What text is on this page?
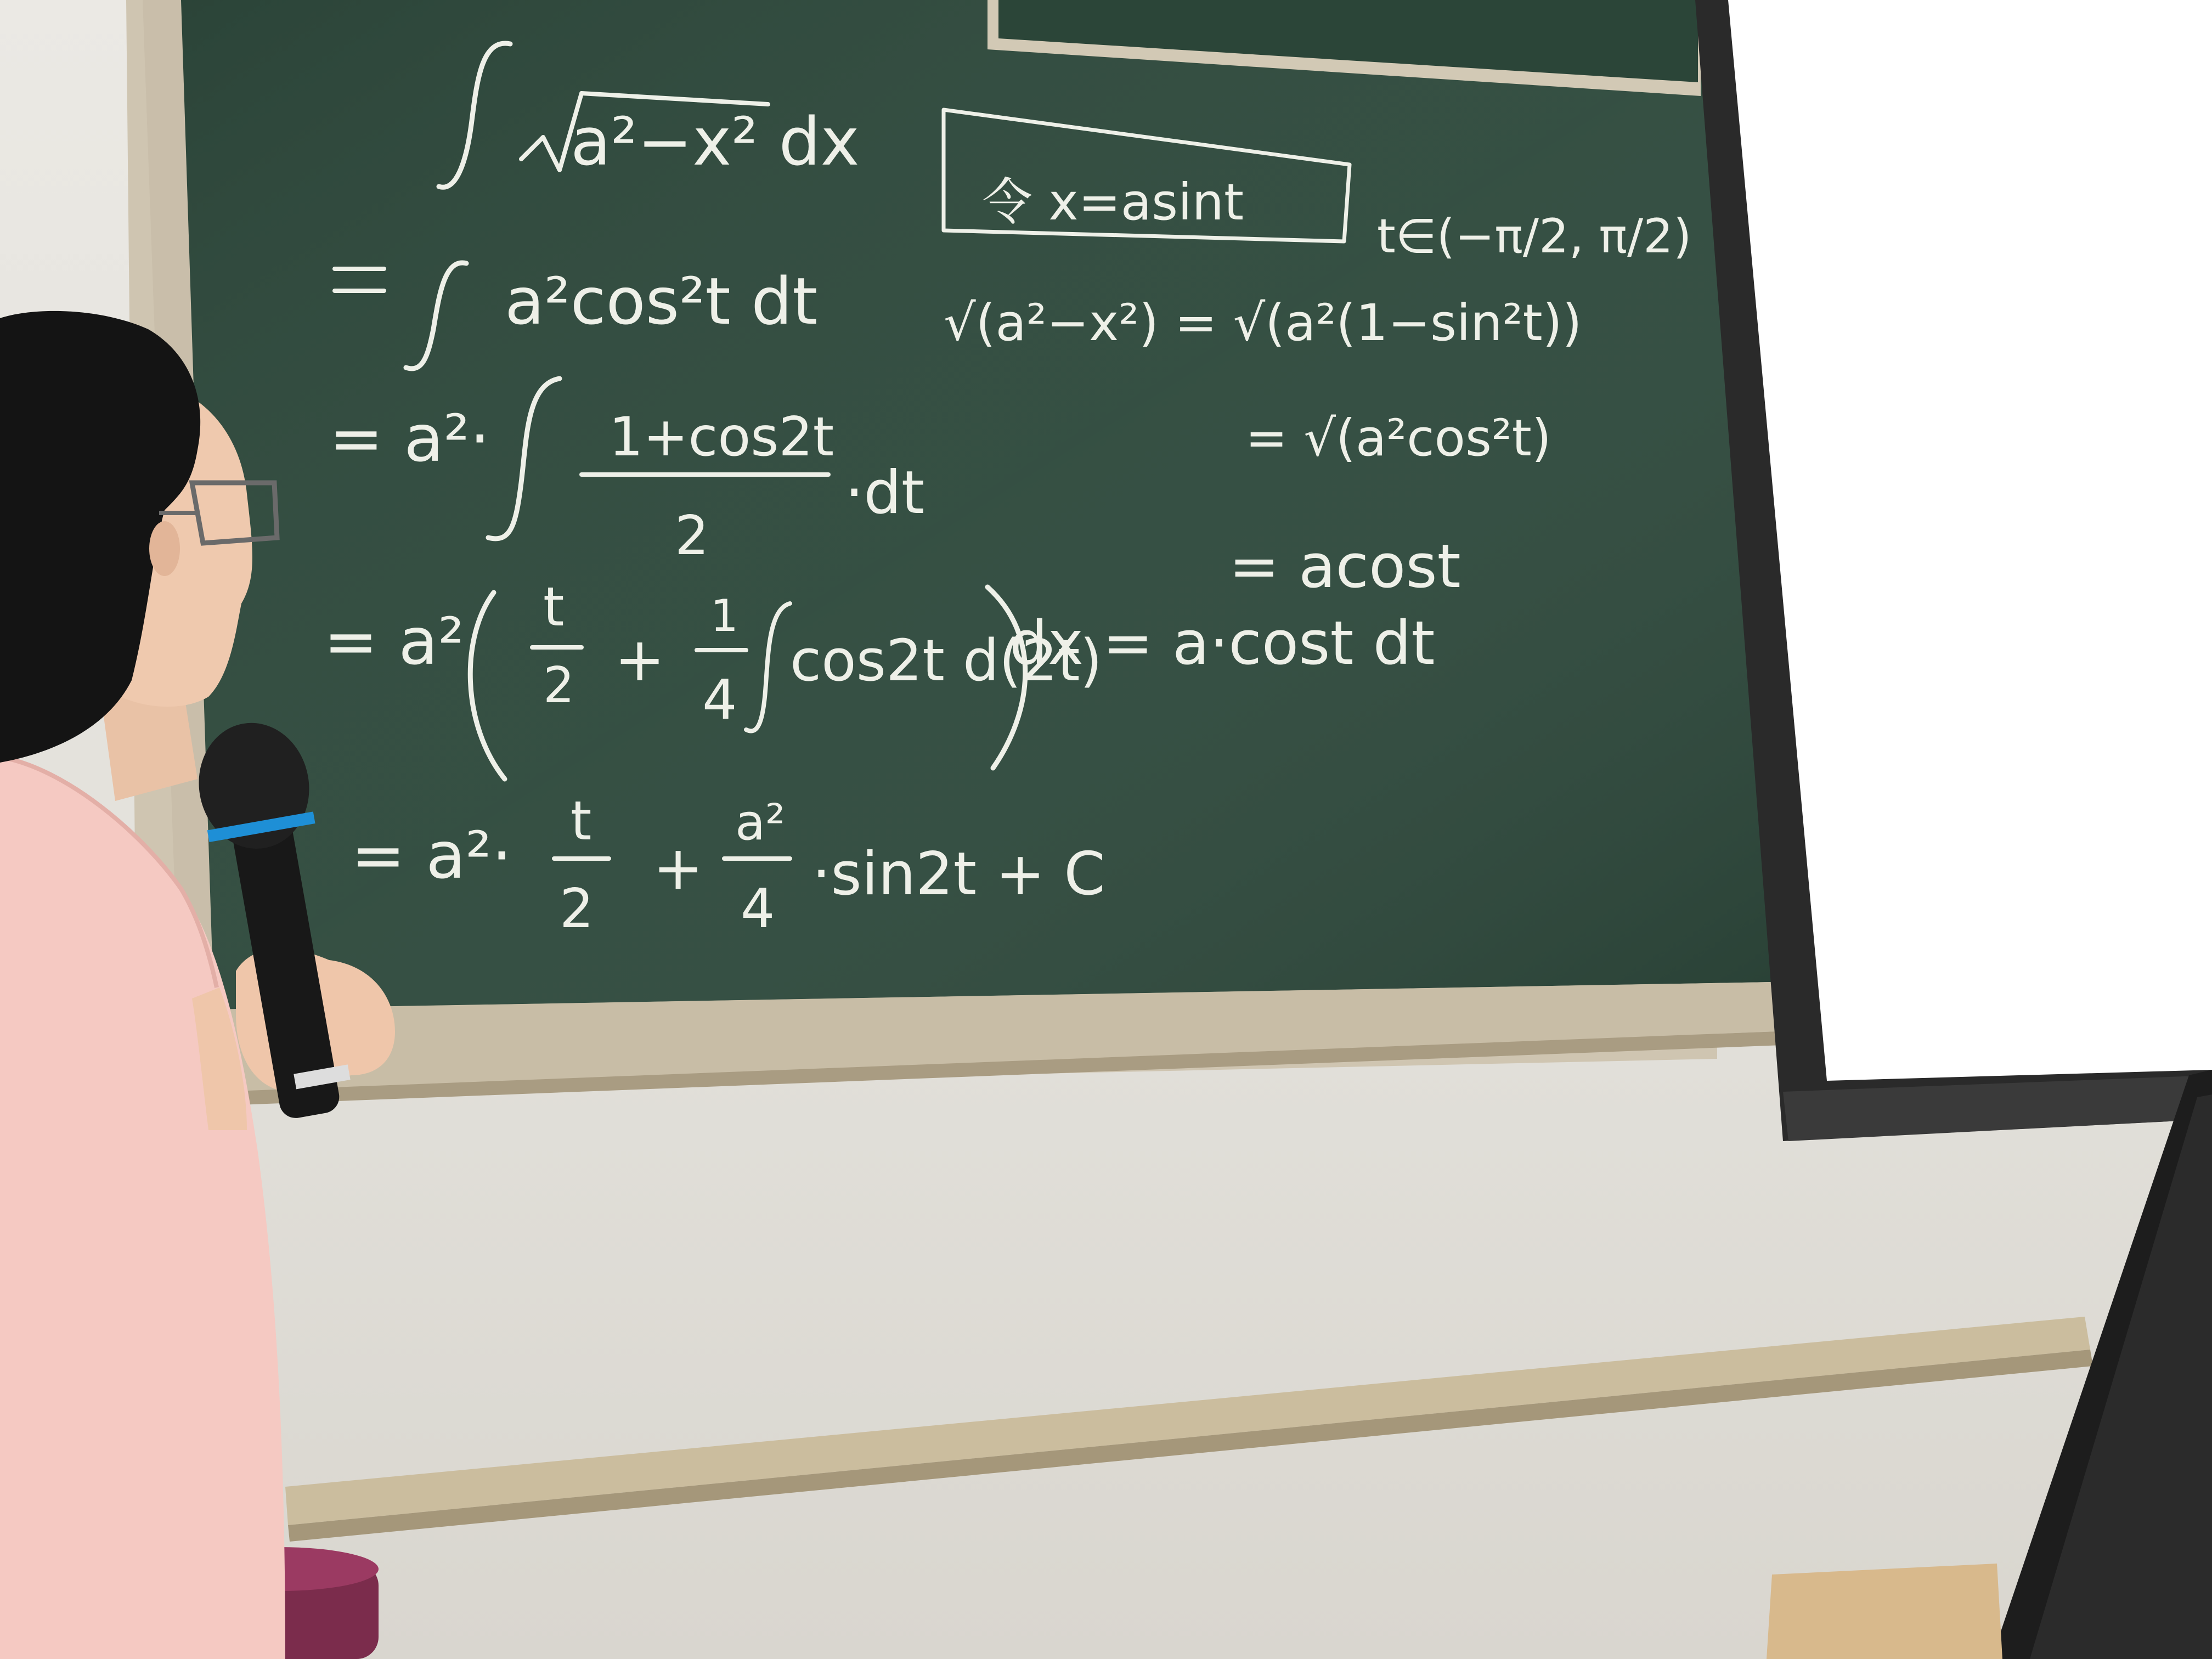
a²−x² dx
a²cos²t dt
= a²· 1+cos2t
2
·dt
= a² t
2 +
1
4
cos2t d(2t)
= a²· t
2
+
a²
4
·sin2t + C
令 x=asint
t∈(−π/2, π/2)
√(a²−x²) = √(a²(1−sin²t))
= √(a²cos²t)
= acost
dx = a·cost dt
